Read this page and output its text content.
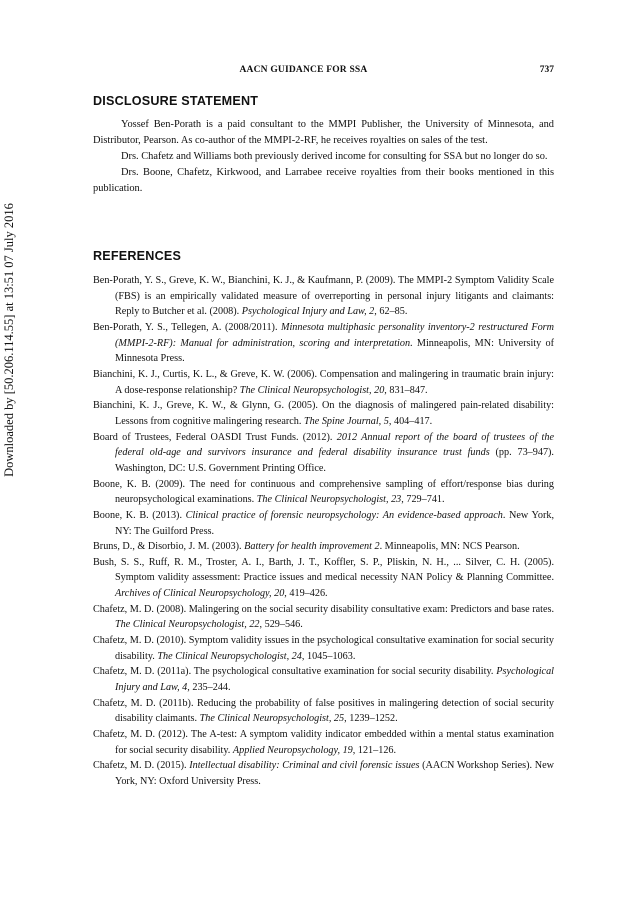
Downloaded by [50.206.114.55] at 13:51 07 July 2016
AACN GUIDANCE FOR SSA	737
DISCLOSURE STATEMENT

Yossef Ben-Porath is a paid consultant to the MMPI Publisher, the University of Minnesota, and Distributor, Pearson. As co-author of the MMPI-2-RF, he receives royalties on sales of the test.

Drs. Chafetz and Williams both previously derived income for consulting for SSA but no longer do so.

Drs. Boone, Chafetz, Kirkwood, and Larrabee receive royalties from their books mentioned in this publication.

REFERENCES
Ben-Porath, Y. S., Greve, K. W., Bianchini, K. J., & Kaufmann, P. (2009). The MMPI-2 Symptom Validity Scale (FBS) is an empirically validated measure of overreporting in personal injury litigants and claimants: Reply to Butcher et al. (2008). Psychological Injury and Law, 2, 62–85.
Ben-Porath, Y. S., Tellegen, A. (2008/2011). Minnesota multiphasic personality inventory-2 restructured Form (MMPI-2-RF): Manual for administration, scoring and interpretation. Minneapolis, MN: University of Minnesota Press.
Bianchini, K. J., Curtis, K. L., & Greve, K. W. (2006). Compensation and malingering in traumatic brain injury: A dose-response relationship? The Clinical Neuropsychologist, 20, 831–847.
Bianchini, K. J., Greve, K. W., & Glynn, G. (2005). On the diagnosis of malingered pain-related disability: Lessons from cognitive malingering research. The Spine Journal, 5, 404–417.
Board of Trustees, Federal OASDI Trust Funds. (2012). 2012 Annual report of the board of trustees of the federal old-age and survivors insurance and federal disability insurance trust funds (pp. 73–947). Washington, DC: U.S. Government Printing Office.
Boone, K. B. (2009). The need for continuous and comprehensive sampling of effort/response bias during neuropsychological examinations. The Clinical Neuropsychologist, 23, 729–741.
Boone, K. B. (2013). Clinical practice of forensic neuropsychology: An evidence-based approach. New York, NY: The Guilford Press.
Bruns, D., & Disorbio, J. M. (2003). Battery for health improvement 2. Minneapolis, MN: NCS Pearson.
Bush, S. S., Ruff, R. M., Troster, A. I., Barth, J. T., Koffler, S. P., Pliskin, N. H., ... Silver, C. H. (2005). Symptom validity assessment: Practice issues and medical necessity NAN Policy & Planning Committee. Archives of Clinical Neuropsychology, 20, 419–426.
Chafetz, M. D. (2008). Malingering on the social security disability consultative exam: Predictors and base rates. The Clinical Neuropsychologist, 22, 529–546.
Chafetz, M. D. (2010). Symptom validity issues in the psychological consultative examination for social security disability. The Clinical Neuropsychologist, 24, 1045–1063.
Chafetz, M. D. (2011a). The psychological consultative examination for social security disability. Psychological Injury and Law, 4, 235–244.
Chafetz, M. D. (2011b). Reducing the probability of false positives in malingering detection of social security disability claimants. The Clinical Neuropsychologist, 25, 1239–1252.
Chafetz, M. D. (2012). The A-test: A symptom validity indicator embedded within a mental status examination for social security disability. Applied Neuropsychology, 19, 121–126.
Chafetz, M. D. (2015). Intellectual disability: Criminal and civil forensic issues (AACN Workshop Series). New York, NY: Oxford University Press.
